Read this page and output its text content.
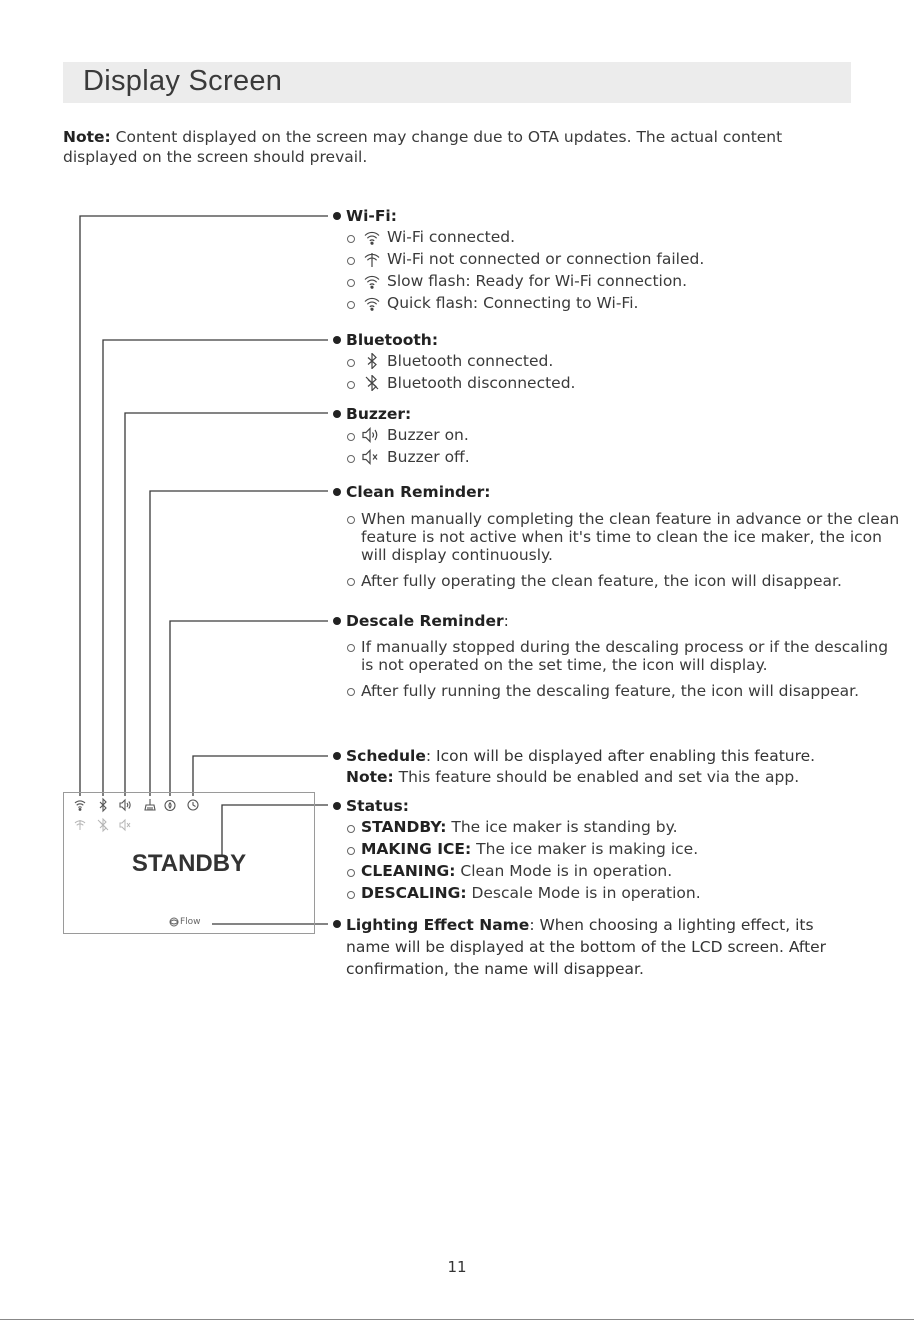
Display Screen
Note: Content displayed on the screen may change due to OTA updates. The actual content displayed on the screen should prevail.
STANDBY
Flow
Wi-Fi:
Wi-Fi connected.
Wi-Fi not connected or connection failed.
Slow flash: Ready for Wi-Fi connection.
Quick flash: Connecting to Wi-Fi.
Bluetooth:
Bluetooth connected.
Bluetooth disconnected.
Buzzer:
Buzzer on.
Buzzer off.
Clean Reminder:
When manually completing the clean feature in advance or the clean feature is not active when it's time to clean the ice maker, the icon will display continuously.
After fully operating the clean feature, the icon will disappear.
Descale Reminder:
If manually stopped during the descaling process or if the descaling is not operated on the set time, the icon will display.
After fully running the descaling feature, the icon will disappear.
Schedule: Icon will be displayed after enabling this feature.
Note: This feature should be enabled and set via the app.
Status:
STANDBY: The ice maker is standing by.
MAKING ICE: The ice maker is making ice.
CLEANING: Clean Mode is in operation.
DESCALING: Descale Mode is in operation.
Lighting Effect Name: When choosing a lighting effect, its name will be displayed at the bottom of the LCD screen. After confirmation, the name will disappear.
11
